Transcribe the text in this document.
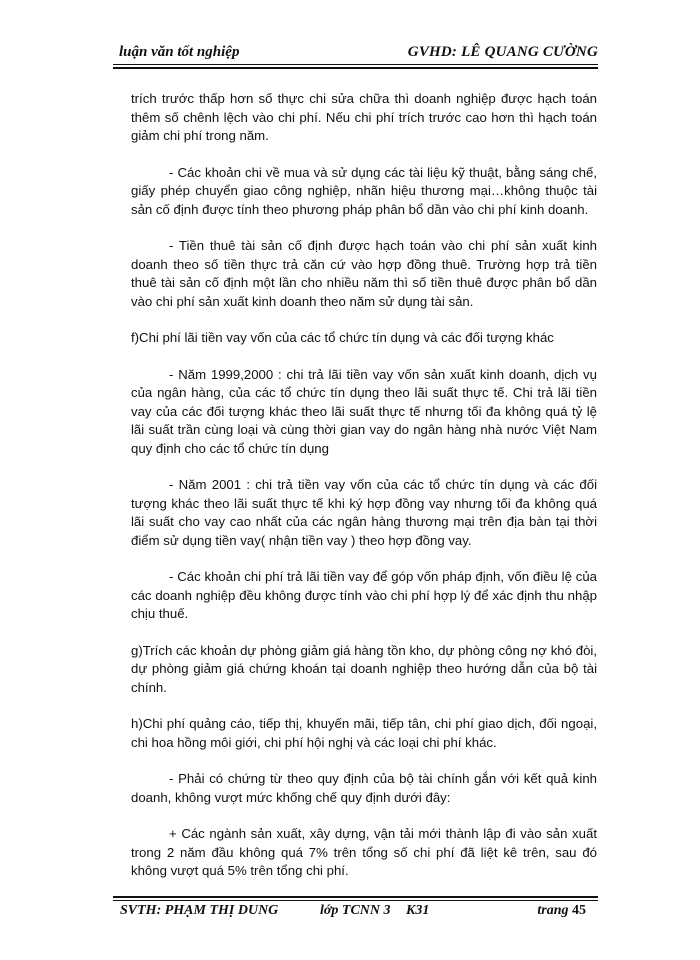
luận văn tốt nghiệp	GVHD: LÊ QUANG CƯỜNG

trích trước thấp hơn số thực chi sửa chữa thì doanh nghiệp được hạch toán thêm số chênh lệch vào chi phí. Nếu chi phí trích trước cao hơn thì hạch toán giảm chi phí trong năm.

- Các khoản chi về mua và sử dụng các tài liệu kỹ thuật, bằng sáng chế, giấy phép chuyển giao công nghiệp, nhãn hiệu thương mại…không thuộc tài sản cố định được tính theo phương pháp phân bổ dần vào chi phí kinh doanh.

- Tiền thuê tài sản cố định được hạch toán vào chi phí sản xuất kinh doanh theo số tiền thực trả căn cứ vào hợp đồng thuê. Trường hợp trả tiền thuê tài sản cố định một lần cho nhiều năm thì số tiền thuê được phân bổ dần vào chi phí sản xuất kinh doanh theo năm sử dụng tài sản.

f)Chi phí lãi tiền vay vốn của các tổ chức tín dụng và các đối tượng khác

- Năm 1999,2000 : chi trả lãi tiền vay vốn sản xuất kinh doanh, dịch vụ của ngân hàng, của các tổ chức tín dụng theo lãi suất thực tế. Chi trả lãi tiền vay của các đối tượng khác theo lãi suất thực tế nhưng tối đa không quá tỷ lệ lãi suất trần cùng loại và cùng thời gian vay do ngân hàng nhà nước Việt Nam quy định cho các tổ chức tín dụng

- Năm 2001 : chi trả tiền vay vốn của các tổ chức tín dụng và các đối tượng khác theo lãi suất thực tế khi ký hợp đồng vay nhưng tối đa không quá lãi suất cho vay cao nhất của các ngân hàng thương mại trên địa bàn tại thời điểm sử dụng tiền vay( nhận tiền vay ) theo hợp đồng vay.

- Các khoản chi phí trả lãi tiền vay để góp vốn pháp định, vốn điều lệ của các doanh nghiệp đều không được tính vào chi phí hợp lý để xác định thu nhập chịu thuế.

g)Trích các khoản dự phòng giảm giá hàng tồn kho, dự phòng công nợ khó đòi, dự phòng giảm giá chứng khoán tại doanh nghiệp theo hướng dẫn của bộ tài chính.

h)Chi phí quảng cáo, tiếp thị, khuyến mãi, tiếp tân, chi phí giao dịch, đối ngoại, chi hoa hồng môi giới, chi phí hội nghị và các loại chi phí khác.

- Phải có chứng từ theo quy định của bộ tài chính gắn với kết quả kinh doanh, không vượt mức khống chế quy định dưới đây:

+ Các ngành sản xuất, xây dựng, vận tải mới thành lập đi vào sản xuất trong 2 năm đầu không quá 7% trên tổng số chi phí đã liệt kê trên, sau đó không vượt quá 5% trên tổng chi phí.

SVTH: PHẠM THỊ DUNG	lớp TCNN 3 K31	trang 45
